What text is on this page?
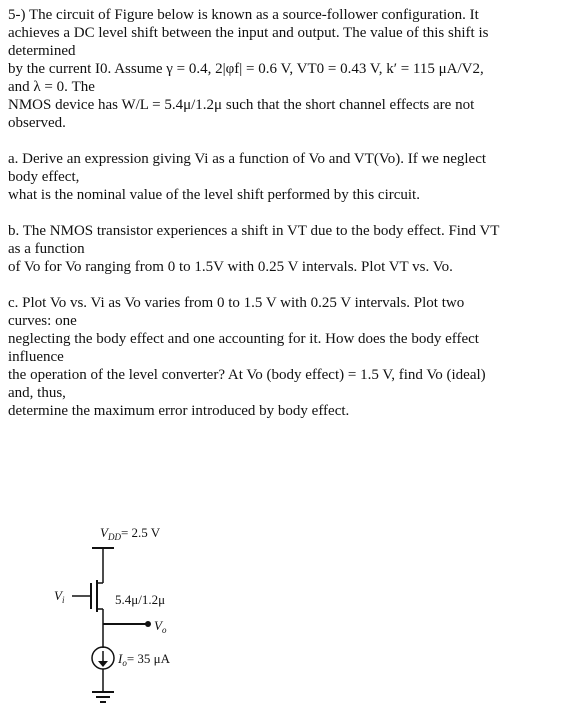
5-) The circuit of Figure below is known as a source-follower configuration. It
achieves a DC level shift between the input and output. The value of this shift is
determined
by the current I0. Assume γ = 0.4, 2|φf| = 0.6 V, VT0 = 0.43 V, k′ = 115 μA/V2,
and λ = 0. The
NMOS device has W/L = 5.4μ/1.2μ such that the short channel effects are not
observed.
a. Derive an expression giving Vi as a function of Vo and VT(Vo). If we neglect
body effect,
what is the nominal value of the level shift performed by this circuit.
b. The NMOS transistor experiences a shift in VT due to the body effect. Find VT
as a function
of Vo for Vo ranging from 0 to 1.5V with 0.25 V intervals. Plot VT vs. Vo.
c. Plot Vo vs. Vi as Vo varies from 0 to 1.5 V with 0.25 V intervals. Plot two
curves: one
neglecting the body effect and one accounting for it. How does the body effect
influence
the operation of the level converter? At Vo (body effect) = 1.5 V, find Vo (ideal)
and, thus,
determine the maximum error introduced by body effect.
$V_{DD}= 2.5$ V
$V_i$	5.4μ/1.2μ
$V_o$
$I_o= 35$ μA
